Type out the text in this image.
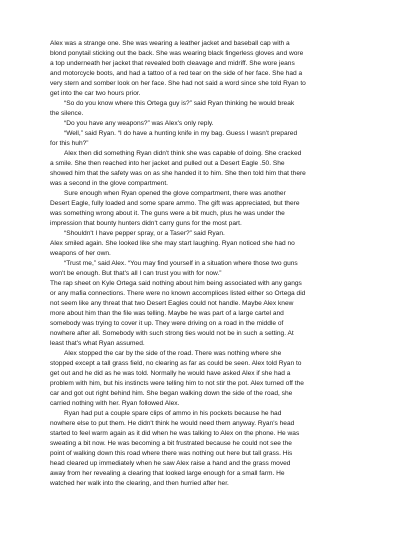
Alex was a strange one. She was wearing a leather jacket and baseball cap with a
blond ponytail sticking out the back. She was wearing black fingerless gloves and wore
a top underneath her jacket that revealed both cleavage and midriff. She wore jeans
and motorcycle boots, and had a tattoo of a red tear on the side of her face. She had a
very stern and somber look on her face. She had not said a word since she told Ryan to
get into the car two hours prior.
“So do you know where this Ortega guy is?” said Ryan thinking he would break
the silence.
“Do you have any weapons?” was Alex's only reply.
“Well,” said Ryan. “I do have a hunting knife in my bag. Guess I wasn't prepared
for this huh?”
Alex then did something Ryan didn't think she was capable of doing. She cracked
a smile. She then reached into her jacket and pulled out a Desert Eagle .50. She
showed him that the safety was on as she handed it to him. She then told him that there
was a second in the glove compartment.
Sure enough when Ryan opened the glove compartment, there was another
Desert Eagle, fully loaded and some spare ammo. The gift was appreciated, but there
was something wrong about it. The guns were a bit much, plus he was under the
impression that bounty hunters didn't carry guns for the most part.
“Shouldn't I have pepper spray, or a Taser?” said Ryan.
Alex smiled again. She looked like she may start laughing. Ryan noticed she had no
weapons of her own.
“Trust me,” said Alex. “You may find yourself in a situation where those two guns
won't be enough. But that's all I can trust you with for now.”
The rap sheet on Kyle Ortega said nothing about him being associated with any gangs
or any mafia connections. There were no known accomplices listed either so Ortega did
not seem like any threat that two Desert Eagles could not handle. Maybe Alex knew
more about him than the file was telling. Maybe he was part of a large cartel and
somebody was trying to cover it up. They were driving on a road in the middle of
nowhere after all. Somebody with such strong ties would not be in such a setting. At
least that's what Ryan assumed.
Alex stopped the car by the side of the road. There was nothing where she
stopped except a tall grass field, no clearing as far as could be seen. Alex told Ryan to
get out and he did as he was told. Normally he would have asked Alex if she had a
problem with him, but his instincts were telling him to not stir the pot. Alex turned off the
car and got out right behind him. She began walking down the side of the road, she
carried nothing with her. Ryan followed Alex.
Ryan had put a couple spare clips of ammo in his pockets because he had
nowhere else to put them. He didn't think he would need them anyway. Ryan's head
started to feel warm again as it did when he was talking to Alex on the phone. He was
sweating a bit now. He was becoming a bit frustrated because he could not see the
point of walking down this road where there was nothing out here but tall grass. His
head cleared up immediately when he saw Alex raise a hand and the grass moved
away from her revealing a clearing that looked large enough for a small farm. He
watched her walk into the clearing, and then hurried after her.
